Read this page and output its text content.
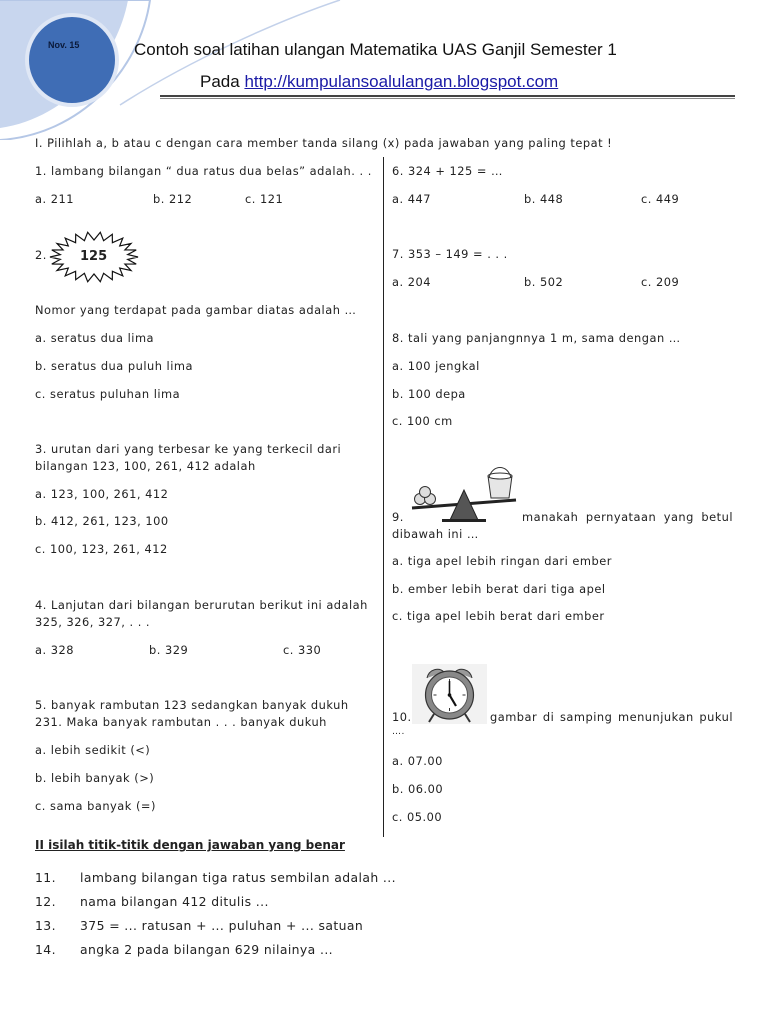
Nov. 15	Contoh soal latihan ulangan Matematika UAS Ganjil Semester 1
Pada http://kumpulansoalulangan.blogspot.com
I. Pilihlah a, b atau c dengan cara member tanda silang (x) pada jawaban yang paling tepat !
1. lambang bilangan “ dua ratus dua belas” adalah. . .
a. 211	b. 212	c. 121
2.	125
Nomor yang terdapat pada gambar diatas adalah …
a. seratus dua lima
b. seratus dua puluh lima
c. seratus puluhan lima
3. urutan dari yang terbesar ke yang terkecil dari
bilangan 123, 100, 261, 412 adalah
a. 123, 100, 261, 412
b. 412, 261, 123, 100
c. 100, 123, 261, 412
4. Lanjutan dari bilangan berurutan berikut ini adalah
325, 326, 327, . . .
a. 328	b. 329	c. 330
5. banyak rambutan 123 sedangkan banyak dukuh
231. Maka banyak rambutan . . . banyak dukuh
a. lebih sedikit (<)
b. lebih banyak (>)
c. sama banyak (=)
6. 324 + 125 = …
a. 447	b. 448	c. 449
7. 353 – 149 = . . .
a. 204	b. 502	c. 209
8. tali yang panjangnnya 1 m, sama dengan …
a. 100 jengkal
b. 100 depa
c. 100 cm
9.	manakah pernyataan yang betul
dibawah ini …
a. tiga apel lebih ringan dari ember
b. ember lebih berat dari tiga apel
c. tiga apel lebih berat dari ember
10.	gambar di samping menunjukan pukul
….
a. 07.00
b. 06.00
c. 05.00
II isilah titik-titik dengan jawaban yang benar
11. lambang bilangan tiga ratus sembilan adalah ...
12. nama bilangan 412 ditulis ...
13. 375 = ... ratusan + ... puluhan + ... satuan
14. angka 2 pada bilangan 629 nilainya ...
